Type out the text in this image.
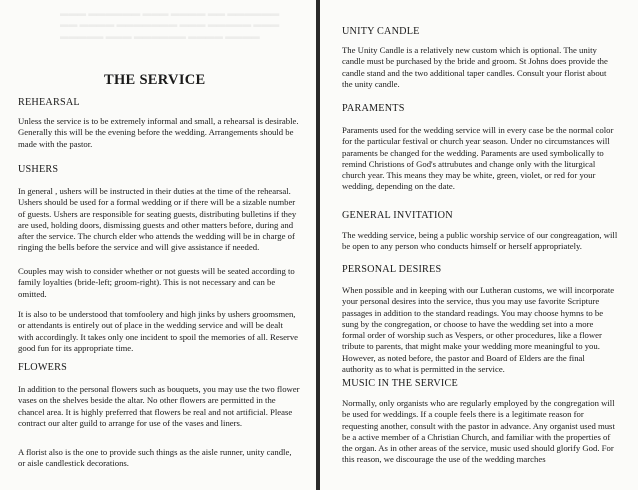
▬▬▬ ▬▬▬▬▬▬ ▬▬▬ ▬▬▬▬ ▬▬ ▬▬▬▬▬▬
▬▬ ▬▬▬▬ ▬▬▬▬▬▬▬ ▬▬▬ ▬▬▬▬▬ ▬▬▬
▬▬▬▬▬ ▬▬▬ ▬▬▬▬▬▬ ▬▬▬▬ ▬▬▬▬
THE SERVICE
REHEARSAL
Unless the service is to be extremely informal and small, a rehearsal is desirable. Generally this will be the evening before the wedding. Arrangements should be made with the pastor.
USHERS
In general , ushers will be instructed in their duties at the time of the rehearsal. Ushers should be used for a formal wedding or if there will be a sizable number of guests. Ushers are responsible for seating guests, distributing bulletins if they are used, holding doors, dismissing guests and other matters before, during and after the service. The church elder who attends the wedding will be in charge of ringing the bells before the service and will give assistance if needed.
Couples may wish to consider whether or not guests will be seated according to family loyalties (bride-left; groom-right). This is not necessary and can be omitted.
It is also to be understood that tomfoolery and high jinks by ushers groomsmen, or attendants is entirely out of place in the wedding service and will be dealt with accordingly. It takes only one incident to spoil the memories of all. Reserve good fun for its appropriate time.
FLOWERS
In addition to the personal flowers such as bouquets, you may use the two flower vases on the shelves beside the altar. No other flowers are permitted in the chancel area. It is highly preferred that flowers be real and not artificial. Please contract our alter guild to arrange for use of the vases and liners.
A florist also is the one to provide such things as the aisle runner, unity candle, or aisle candlestick decorations.
UNITY CANDLE
The Unity Candle is a relatively new custom which is optional. The unity candle must be purchased by the bride and groom. St Johns does provide the candle stand and the two additional taper candles. Consult your florist about the unity candle.
PARAMENTS
Paraments used for the wedding service will in every case be the normal color for the particular festival or church year season. Under no circumstances will paraments be changed for the wedding. Paraments are used symbolically to remind Christions of God's attrubutes and change only with the liturgical church year. This means they may be white, green, violet, or red for your wedding, depending on the date.
GENERAL INVITATION
The wedding service, being a public worship service of our congreagation, will be open to any person who conducts himself or herself appropriately.
PERSONAL DESIRES
When possible and in keeping with our Lutheran customs, we will incorporate your personal desires into the service, thus you may use favorite Scripture passages in addition to the standard readings. You may choose hymns to be sung by the congregation, or choose to have the wedding set into a more formal order of worship such as Vespers, or other procedures, like a flower tribute to parents, that might make your wedding more meaningful to you. However, as noted before, the pastor and Board of Elders are the final authority as to what is permitted in the service.
MUSIC IN THE SERVICE
Normally, only organists who are regularly employed by the congregation will be used for weddings. If a couple feels there is a legitimate reason for requesting another, consult with the pastor in advance. Any organist used must be a active member of a Christian Church, and familiar with the properties of the organ. As in other areas of the service, music used should glorify God. For this reason, we discourage the use of the wedding marches
